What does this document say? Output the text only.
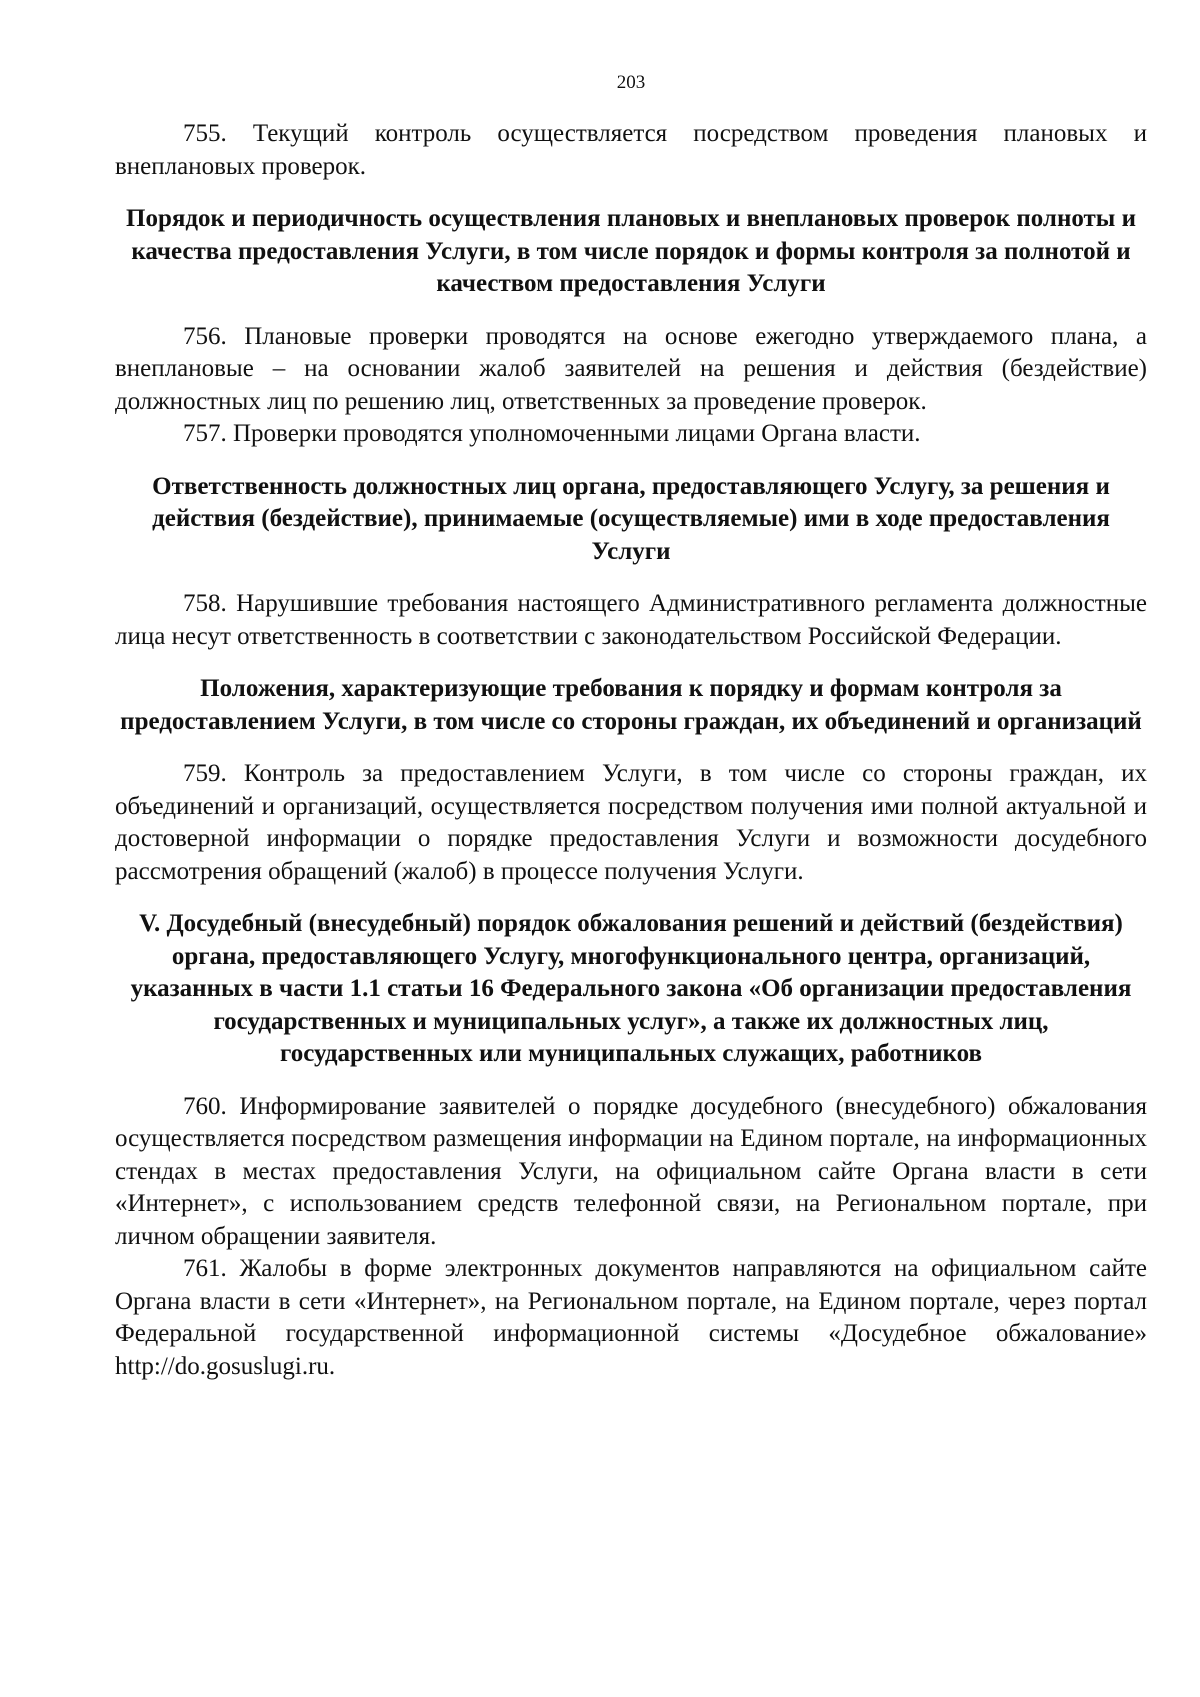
203

755. Текущий контроль осуществляется посредством проведения плановых и внеплановых проверок.

Порядок и периодичность осуществления плановых и внеплановых проверок полноты и качества предоставления Услуги, в том числе порядок и формы контроля за полнотой и качеством предоставления Услуги

756. Плановые проверки проводятся на основе ежегодно утверждаемого плана, а внеплановые – на основании жалоб заявителей на решения и действия (бездействие) должностных лиц по решению лиц, ответственных за проведение проверок.

757. Проверки проводятся уполномоченными лицами Органа власти.

Ответственность должностных лиц органа, предоставляющего Услугу, за решения и действия (бездействие), принимаемые (осуществляемые) ими в ходе предоставления Услуги

758. Нарушившие требования настоящего Административного регламента должностные лица несут ответственность в соответствии с законодательством Российской Федерации.

Положения, характеризующие требования к порядку и формам контроля за предоставлением Услуги, в том числе со стороны граждан, их объединений и организаций

759. Контроль за предоставлением Услуги, в том числе со стороны граждан, их объединений и организаций, осуществляется посредством получения ими полной актуальной и достоверной информации о порядке предоставления Услуги и возможности досудебного рассмотрения обращений (жалоб) в процессе получения Услуги.

V. Досудебный (внесудебный) порядок обжалования решений и действий (бездействия) органа, предоставляющего Услугу, многофункционального центра, организаций, указанных в части 1.1 статьи 16 Федерального закона «Об организации предоставления государственных и муниципальных услуг», а также их должностных лиц, государственных или муниципальных служащих, работников

760. Информирование заявителей о порядке досудебного (внесудебного) обжалования осуществляется посредством размещения информации на Едином портале, на информационных стендах в местах предоставления Услуги, на официальном сайте Органа власти в сети «Интернет», с использованием средств телефонной связи, на Региональном портале, при личном обращении заявителя.

761. Жалобы в форме электронных документов направляются на официальном сайте Органа власти в сети «Интернет», на Региональном портале, на Едином портале, через портал Федеральной государственной информационной системы «Досудебное обжалование» http://do.gosuslugi.ru.
